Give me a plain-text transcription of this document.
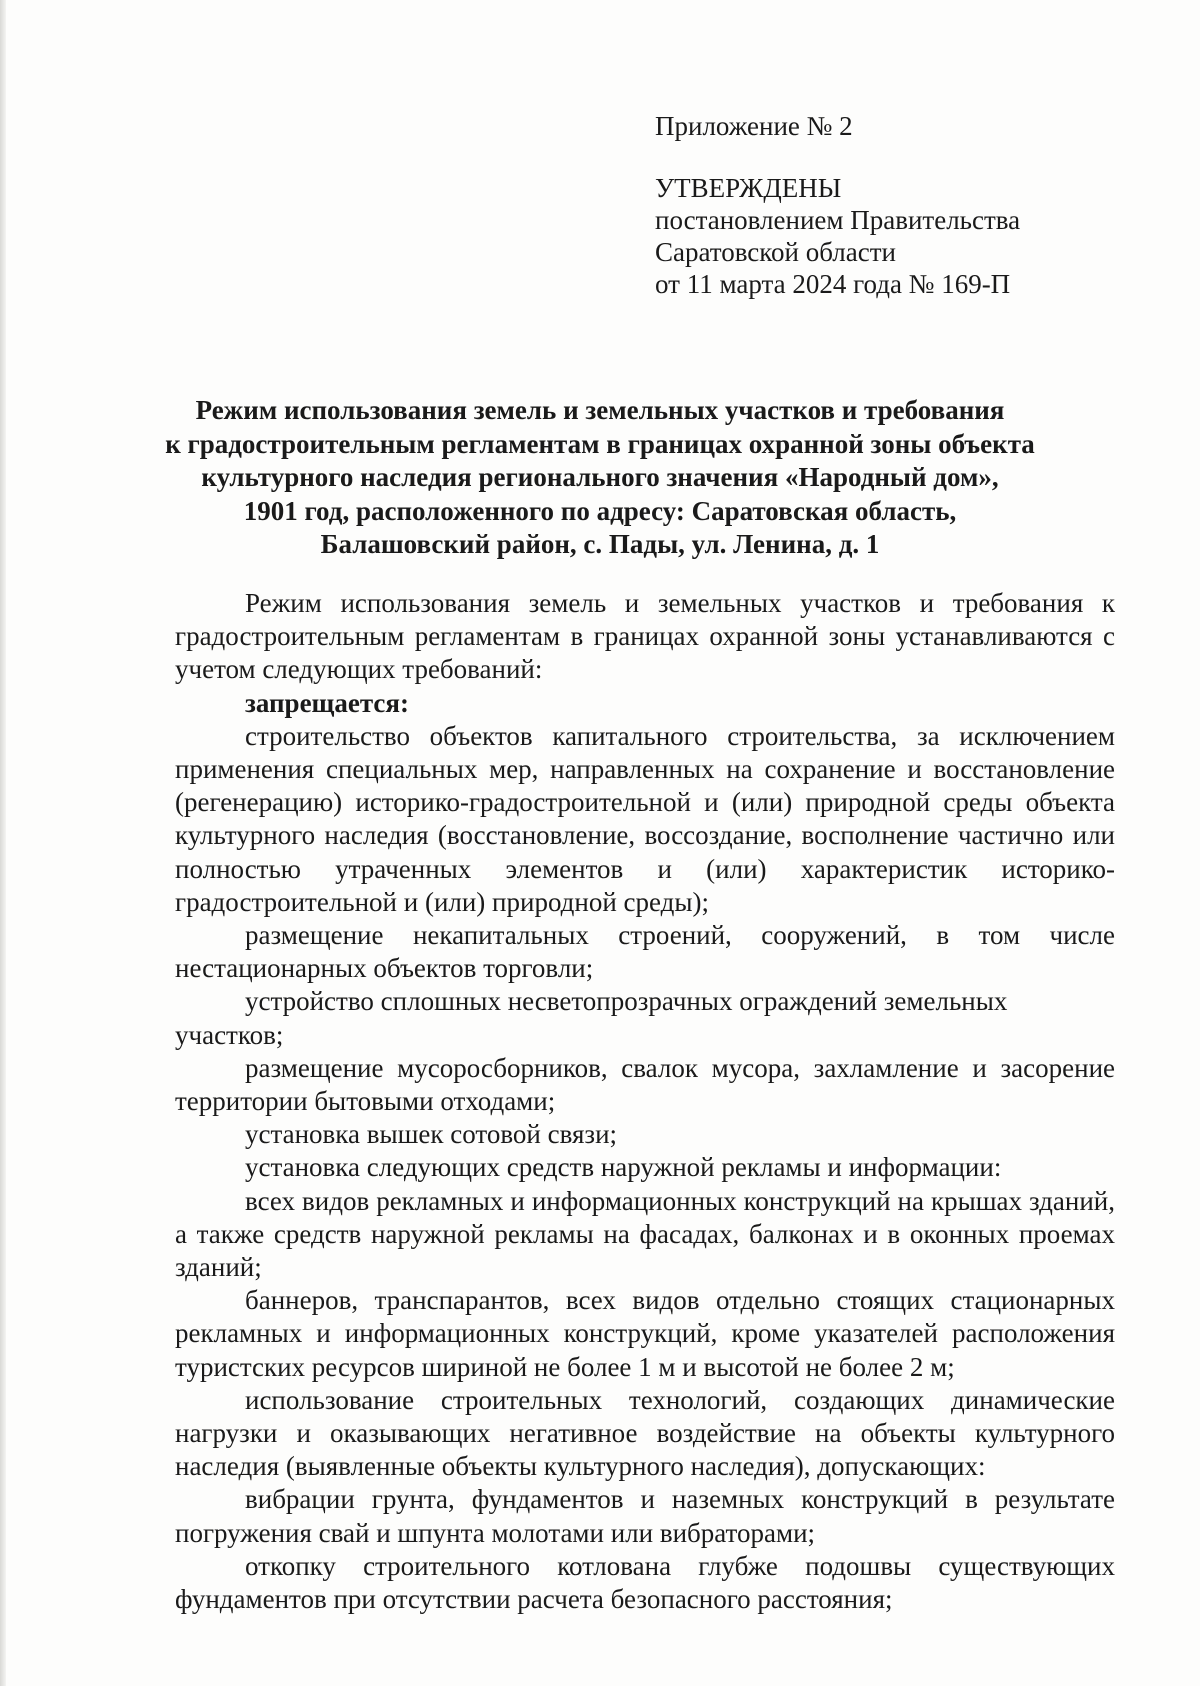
Приложение № 2
УТВЕРЖДЕНЫ
постановлением Правительства
Саратовской области
от 11 марта 2024 года № 169-П
Режим использования земель и земельных участков и требования
к градостроительным регламентам в границах охранной зоны объекта
культурного наследия регионального значения «Народный дом»,
1901 год, расположенного по адресу: Саратовская область,
Балашовский район, с. Пады, ул. Ленина, д. 1

Режим использования земель и земельных участков и требования к градостроительным регламентам в границах охранной зоны устанавливаются с учетом следующих требований:

запрещается:

строительство объектов капитального строительства, за исключением применения специальных мер, направленных на сохранение и восстановление (регенерацию) историко-градостроительной и (или) природной среды объекта культурного наследия (восстановление, воссоздание, восполнение частично или полностью утраченных элементов и (или) характеристик историко-градостроительной и (или) природной среды);

размещение некапитальных строений, сооружений, в том числе нестационарных объектов торговли;

устройство сплошных несветопрозрачных ограждений земельных участков;

размещение мусоросборников, свалок мусора, захламление и засорение территории бытовыми отходами;

установка вышек сотовой связи;

установка следующих средств наружной рекламы и информации:

всех видов рекламных и информационных конструкций на крышах зданий, а также средств наружной рекламы на фасадах, балконах и в оконных проемах зданий;

баннеров, транспарантов, всех видов отдельно стоящих стационарных рекламных и информационных конструкций, кроме указателей расположения туристских ресурсов шириной не более 1 м и высотой не более 2 м;

использование строительных технологий, создающих динамические нагрузки и оказывающих негативное воздействие на объекты культурного наследия (выявленные объекты культурного наследия), допускающих:

вибрации грунта, фундаментов и наземных конструкций в результате погружения свай и шпунта молотами или вибраторами;

откопку строительного котлована глубже подошвы существующих фундаментов при отсутствии расчета безопасного расстояния;
